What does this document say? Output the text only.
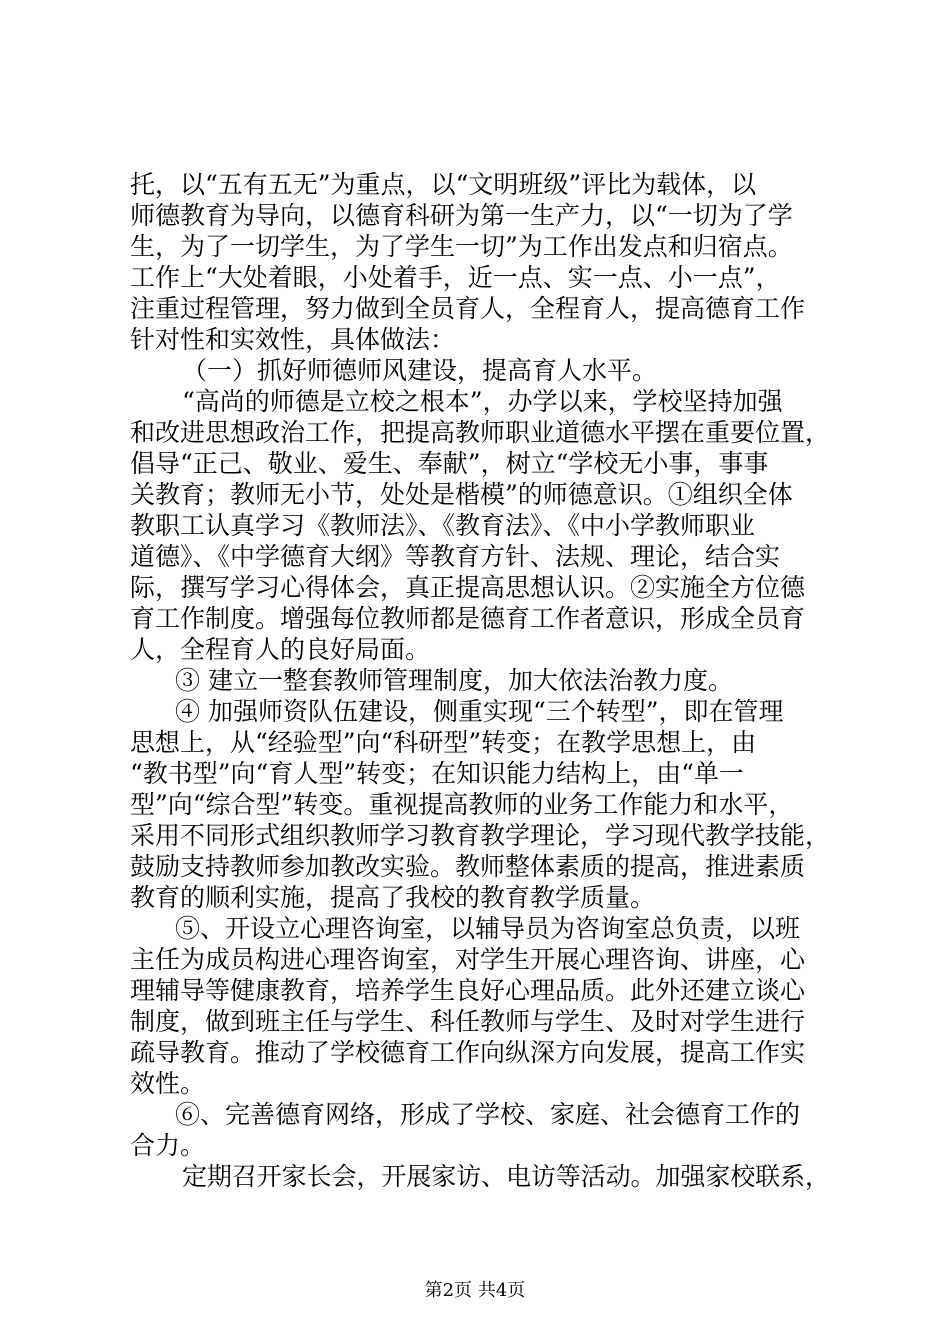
托，以“五有五无”为重点，以“文明班级”评比为载体，以
师德教育为导向，以德育科研为第一生产力，以“一切为了学
生，为了一切学生，为了学生一切”为工作出发点和归宿点。
工作上“大处着眼，小处着手，近一点、实一点、小一点”，
注重过程管理，努力做到全员育人，全程育人，提高德育工作
针对性和实效性，具体做法：
（一）抓好师德师风建设，提高育人水平。
“高尚的师德是立校之根本”，办学以来，学校坚持加强
和改进思想政治工作，把提高教师职业道德水平摆在重要位置，
倡导“正己、敬业、爱生、奉献”，树立“学校无小事，事事
关教育；教师无小节，处处是楷模”的师德意识。①组织全体
教职工认真学习《教师法》、《教育法》、《中小学教师职业
道德》、《中学德育大纲》等教育方针、法规、理论，结合实
际，撰写学习心得体会，真正提高思想认识。②实施全方位德
育工作制度。增强每位教师都是德育工作者意识，形成全员育
人，全程育人的良好局面。
③ 建立一整套教师管理制度，加大依法治教力度。
④ 加强师资队伍建设，侧重实现“三个转型”，即在管理
思想上，从“经验型”向“科研型”转变；在教学思想上，由
“教书型”向“育人型”转变；在知识能力结构上，由“单一
型”向“综合型”转变。重视提高教师的业务工作能力和水平，
采用不同形式组织教师学习教育教学理论，学习现代教学技能，
鼓励支持教师参加教改实验。教师整体素质的提高，推进素质
教育的顺利实施，提高了我校的教育教学质量。
⑤、开设立心理咨询室，以辅导员为咨询室总负责，以班
主任为成员构进心理咨询室，对学生开展心理咨询、讲座，心
理辅导等健康教育，培养学生良好心理品质。此外还建立谈心
制度，做到班主任与学生、科任教师与学生、及时对学生进行
疏导教育。推动了学校德育工作向纵深方向发展，提高工作实
效性。
⑥、完善德育网络，形成了学校、家庭、社会德育工作的
合力。
定期召开家长会，开展家访、电访等活动。加强家校联系，
第2页 共4页
